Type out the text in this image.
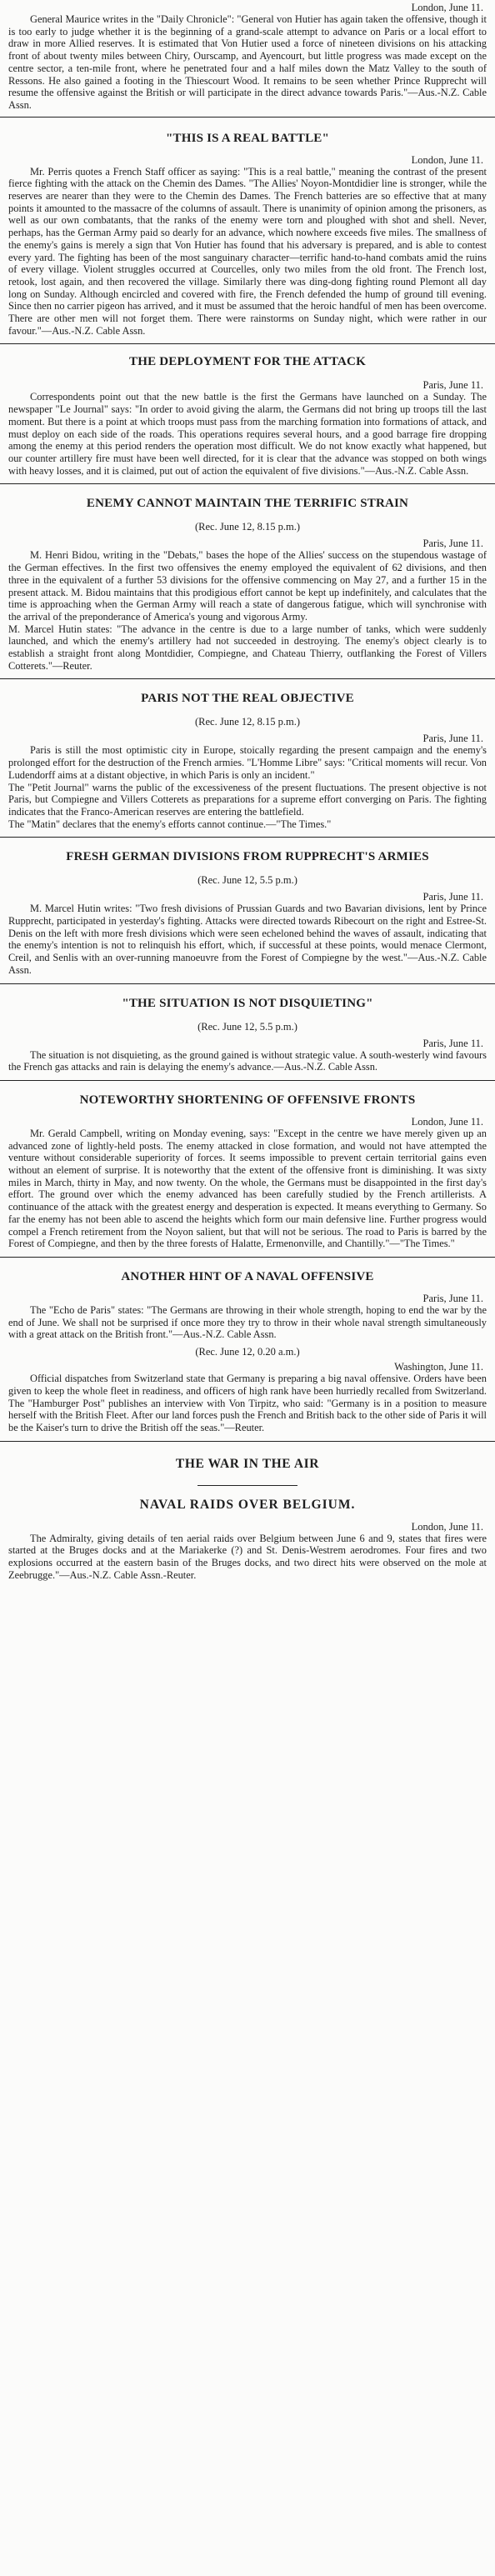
London, June 11.

General Maurice writes in the "Daily Chronicle": "General von Hutier has again taken the offensive, though it is too early to judge whether it is the beginning of a grand-scale attempt to advance on Paris or a local effort to draw in more Allied reserves. It is estimated that Von Hutier used a force of nineteen divisions on his attacking front of about twenty miles between Chiry, Ourscamp, and Ayencourt, but little progress was made except on the centre sector, a ten-mile front, where he penetrated four and a half miles down the Matz Valley to the south of Ressons. He also gained a footing in the Thiescourt Wood. It remains to be seen whether Prince Rupprecht will resume the offensive against the British or will participate in the direct advance towards Paris."—Aus.-N.Z. Cable Assn.

"THIS IS A REAL BATTLE"

London, June 11.

Mr. Perris quotes a French Staff officer as saying: "This is a real battle," meaning the contrast of the present fierce fighting with the attack on the Chemin des Dames. "The Allies' Noyon-Montdidier line is stronger, while the reserves are nearer than they were to the Chemin des Dames. The French batteries are so effective that at many points it amounted to the massacre of the columns of assault. There is unanimity of opinion among the prisoners, as well as our own combatants, that the ranks of the enemy were torn and ploughed with shot and shell. Never, perhaps, has the German Army paid so dearly for an advance, which nowhere exceeds five miles. The smallness of the enemy's gains is merely a sign that Von Hutier has found that his adversary is prepared, and is able to contest every yard. The fighting has been of the most sanguinary character—terrific hand-to-hand combats amid the ruins of every village. Violent struggles occurred at Courcelles, only two miles from the old front. The French lost, retook, lost again, and then recovered the village. Similarly there was ding-dong fighting round Plemont all day long on Sunday. Although encircled and covered with fire, the French defended the hump of ground till evening. Since then no carrier pigeon has arrived, and it must be assumed that the heroic handful of men has been overcome. There are other men will not forget them. There were rainstorms on Sunday night, which were rather in our favour."—Aus.-N.Z. Cable Assn.

THE DEPLOYMENT FOR THE ATTACK

Paris, June 11.

Correspondents point out that the new battle is the first the Germans have launched on a Sunday. The newspaper "Le Journal" says: "In order to avoid giving the alarm, the Germans did not bring up troops till the last moment. But there is a point at which troops must pass from the marching formation into formations of attack, and must deploy on each side of the roads. This operations requires several hours, and a good barrage fire dropping among the enemy at this period renders the operation most difficult. We do not know exactly what happened, but our counter artillery fire must have been well directed, for it is clear that the advance was stopped on both wings with heavy losses, and it is claimed, put out of action the equivalent of five divisions."—Aus.-N.Z. Cable Assn.

ENEMY CANNOT MAINTAIN THE TERRIFIC STRAIN

(Rec. June 12, 8.15 p.m.)

Paris, June 11.

M. Henri Bidou, writing in the "Debats," bases the hope of the Allies' success on the stupendous wastage of the German effectives. In the first two offensives the enemy employed the equivalent of 62 divisions, and then three in the equivalent of a further 53 divisions for the offensive commencing on May 27, and a further 15 in the present attack. M. Bidou maintains that this prodigious effort cannot be kept up indefinitely, and calculates that the time is approaching when the German Army will reach a state of dangerous fatigue, which will synchronise with the arrival of the preponderance of America's young and vigorous Army.
M. Marcel Hutin states: "The advance in the centre is due to a large number of tanks, which were suddenly launched, and which the enemy's artillery had not succeeded in destroying. The enemy's object clearly is to establish a straight front along Montdidier, Compiegne, and Chateau Thierry, outflanking the Forest of Villers Cotterets."—Reuter.

PARIS NOT THE REAL OBJECTIVE

(Rec. June 12, 8.15 p.m.)

Paris, June 11.

Paris is still the most optimistic city in Europe, stoically regarding the present campaign and the enemy's prolonged effort for the destruction of the French armies. "L'Homme Libre" says: "Critical moments will recur. Von Ludendorff aims at a distant objective, in which Paris is only an incident."
The "Petit Journal" warns the public of the excessiveness of the present fluctuations. The present objective is not Paris, but Compiegne and Villers Cotterets as preparations for a supreme effort converging on Paris. The fighting indicates that the Franco-American reserves are entering the battlefield.
The "Matin" declares that the enemy's efforts cannot continue.—"The Times."

FRESH GERMAN DIVISIONS FROM RUPPRECHT'S ARMIES

(Rec. June 12, 5.5 p.m.)

Paris, June 11.

M. Marcel Hutin writes: "Two fresh divisions of Prussian Guards and two Bavarian divisions, lent by Prince Rupprecht, participated in yesterday's fighting. Attacks were directed towards Ribecourt on the right and Estree-St. Denis on the left with more fresh divisions which were seen echeloned behind the waves of assault, indicating that the enemy's intention is not to relinquish his effort, which, if successful at these points, would menace Clermont, Creil, and Senlis with an over-running manoeuvre from the Forest of Compiegne by the west."—Aus.-N.Z. Cable Assn.

"THE SITUATION IS NOT DISQUIETING"

(Rec. June 12, 5.5 p.m.)

Paris, June 11.

The situation is not disquieting, as the ground gained is without strategic value. A south-westerly wind favours the French gas attacks and rain is delaying the enemy's advance.—Aus.-N.Z. Cable Assn.

NOTEWORTHY SHORTENING OF OFFENSIVE FRONTS

London, June 11.

Mr. Gerald Campbell, writing on Monday evening, says: "Except in the centre we have merely given up an advanced zone of lightly-held posts. The enemy attacked in close formation, and would not have attempted the venture without considerable superiority of forces. It seems impossible to prevent certain territorial gains even without an element of surprise. It is noteworthy that the extent of the offensive front is diminishing. It was sixty miles in March, thirty in May, and now twenty. On the whole, the Germans must be disappointed in the first day's effort. The ground over which the enemy advanced has been carefully studied by the French artillerists. A continuance of the attack with the greatest energy and desperation is expected. It means everything to Germany. So far the enemy has not been able to ascend the heights which form our main defensive line. Further progress would compel a French retirement from the Noyon salient, but that will not be serious. The road to Paris is barred by the Forest of Compiegne, and then by the three forests of Halatte, Ermenonville, and Chantilly."—"The Times."

ANOTHER HINT OF A NAVAL OFFENSIVE

Paris, June 11.

The "Echo de Paris" states: "The Germans are throwing in their whole strength, hoping to end the war by the end of June. We shall not be surprised if once more they try to throw in their whole naval strength simultaneously with a great attack on the British front."—Aus.-N.Z. Cable Assn.

(Rec. June 12, 0.20 a.m.)

Washington, June 11.

Official dispatches from Switzerland state that Germany is preparing a big naval offensive. Orders have been given to keep the whole fleet in readiness, and officers of high rank have been hurriedly recalled from Switzerland. The "Hamburger Post" publishes an interview with Von Tirpitz, who said: "Germany is in a position to measure herself with the British Fleet. After our land forces push the French and British back to the other side of Paris it will be the Kaiser's turn to drive the British off the seas."—Reuter.

THE WAR IN THE AIR

NAVAL RAIDS OVER BELGIUM.

London, June 11.

The Admiralty, giving details of ten aerial raids over Belgium between June 6 and 9, states that fires were started at the Bruges docks and at the Mariakerke (?) and St. Denis-Westrem aerodromes. Four fires and two explosions occurred at the eastern basin of the Bruges docks, and two direct hits were observed on the mole at Zeebrugge."—Aus.-N.Z. Cable Assn.-Reuter.
